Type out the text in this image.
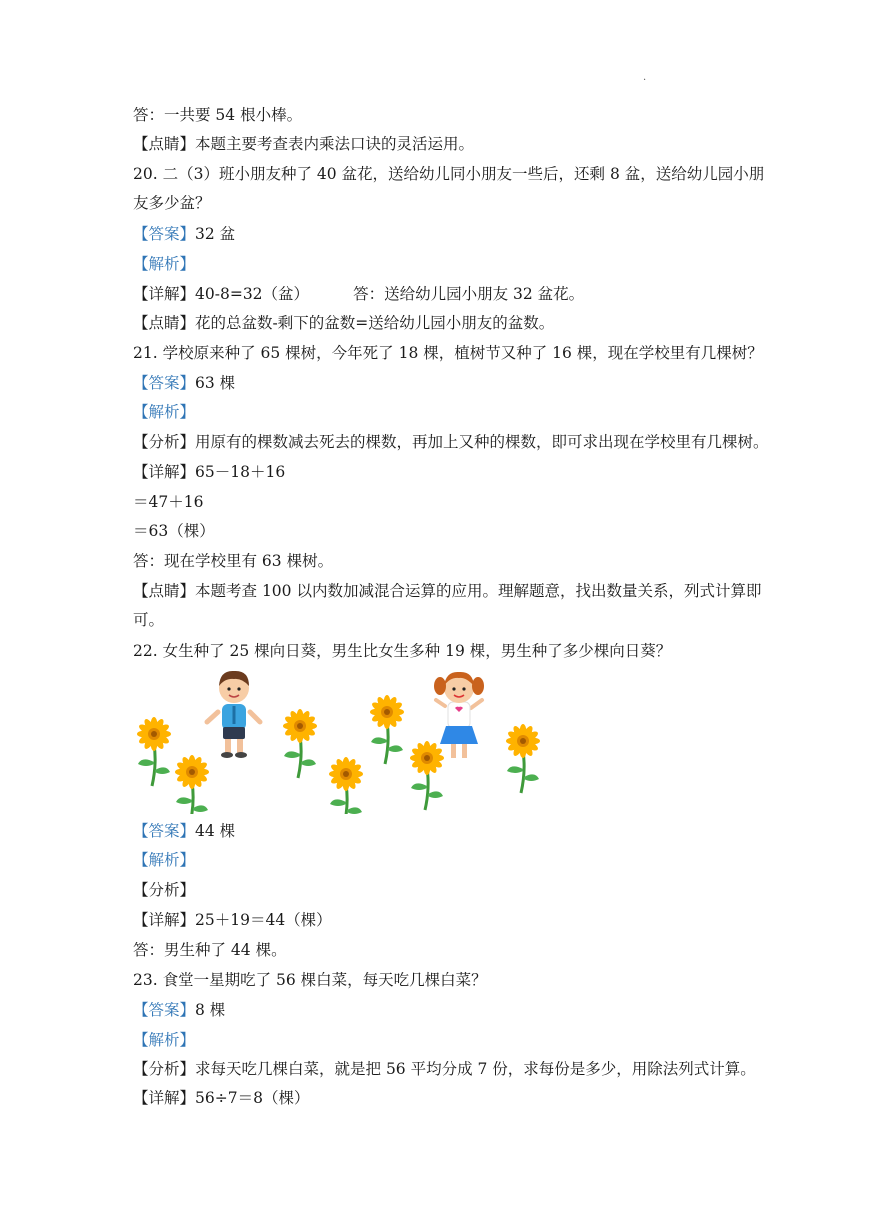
.
答：一共要 54 根小棒。
【点睛】本题主要考查表内乘法口诀的灵活运用。
20. 二（3）班小朋友种了 40 盆花，送给幼儿同小朋友一些后，还剩 8 盆，送给幼儿园小朋
友多少盆？
【答案】32 盆
【解析】
【详解】40-8=32（盆）	答：送给幼儿园小朋友 32 盆花。
【点睛】花的总盆数-剩下的盆数=送给幼儿园小朋友的盆数。
21. 学校原来种了 65 棵树，今年死了 18 棵，植树节又种了 16 棵，现在学校里有几棵树？
【答案】63 棵
【解析】
【分析】用原有的棵数减去死去的棵数，再加上又种的棵数，即可求出现在学校里有几棵树。
【详解】65－18＋16
＝47＋16
＝63（棵）
答：现在学校里有 63 棵树。
【点睛】本题考查 100 以内数加减混合运算的应用。理解题意，找出数量关系，列式计算即
可。
22. 女生种了 25 棵向日葵，男生比女生多种 19 棵，男生种了多少棵向日葵？
【答案】44 棵
【解析】
【分析】
【详解】25＋19＝44（棵）
答：男生种了 44 棵。
23. 食堂一星期吃了 56 棵白菜，每天吃几棵白菜？
【答案】8 棵
【解析】
【分析】求每天吃几棵白菜，就是把 56 平均分成 7 份，求每份是多少，用除法列式计算。
【详解】56÷7＝8（棵）
